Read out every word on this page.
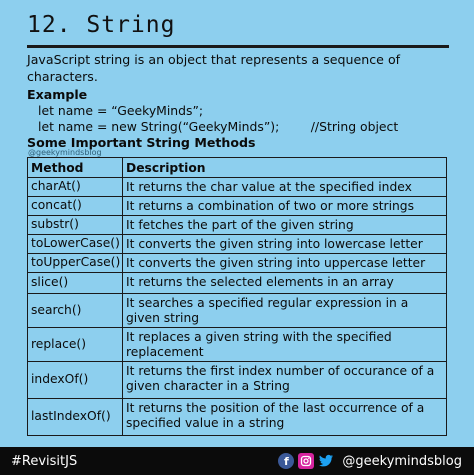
12. String
JavaScript string is an object that represents a sequence of characters.
Example
let name = “GeekyMinds”;
let name = new String(“GeekyMinds”);        //String object
Some Important String Methods
@geekymindsblog
Method	Description
charAt()	It returns the char value at the specified index
concat()	It returns a combination of two or more strings
substr()	It fetches the part of the given string
toLowerCase()	It converts the given string into lowercase letter
toUpperCase()	It converts the given string into uppercase letter
slice()	It returns the selected elements in an array
search()	It searches a specified regular expression in a given string
replace()	It replaces a given string with the specified replacement
indexOf()	It returns the first index number of occurance of a given character in a String
lastIndexOf()	It returns the position of the last occurrence of a specified value in a string
#RevisitJS	f	@geekymindsblog
